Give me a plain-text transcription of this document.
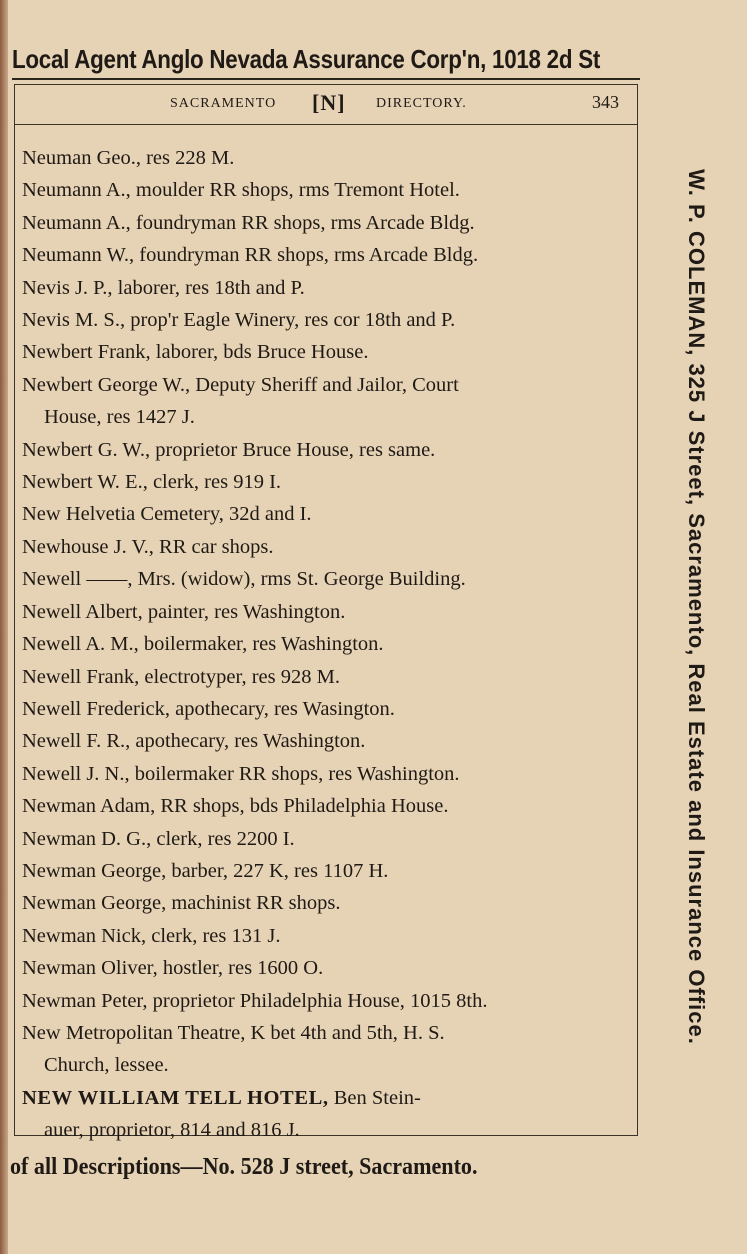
Local Agent Anglo Nevada Assurance Corp'n, 1018 2d St
SACRAMENTO [N] DIRECTORY.	343
Neuman Geo., res 228 M.
Neumann A., moulder RR shops, rms Tremont Hotel.
Neumann A., foundryman RR shops, rms Arcade Bldg.
Neumann W., foundryman RR shops, rms Arcade Bldg.
Nevis J. P., laborer, res 18th and P.
Nevis M. S., prop'r Eagle Winery, res cor 18th and P.
Newbert Frank, laborer, bds Bruce House.
Newbert George W., Deputy Sheriff and Jailor, Court
House, res 1427 J.
Newbert G. W., proprietor Bruce House, res same.
Newbert W. E., clerk, res 919 I.
New Helvetia Cemetery, 32d and I.
Newhouse J. V., RR car shops.
Newell ——, Mrs. (widow), rms St. George Building.
Newell Albert, painter, res Washington.
Newell A. M., boilermaker, res Washington.
Newell Frank, electrotyper, res 928 M.
Newell Frederick, apothecary, res Wasington.
Newell F. R., apothecary, res Washington.
Newell J. N., boilermaker RR shops, res Washington.
Newman Adam, RR shops, bds Philadelphia House.
Newman D. G., clerk, res 2200 I.
Newman George, barber, 227 K, res 1107 H.
Newman George, machinist RR shops.
Newman Nick, clerk, res 131 J.
Newman Oliver, hostler, res 1600 O.
Newman Peter, proprietor Philadelphia House, 1015 8th.
New Metropolitan Theatre, K bet 4th and 5th, H. S.
Church, lessee.
NEW WILLIAM TELL HOTEL, Ben Stein-
auer, proprietor, 814 and 816 J.
W. P. COLEMAN, 325 J Street, Sacramento, Real Estate and Insurance Office.
of all Descriptions—No. 528 J street, Sacramento.
